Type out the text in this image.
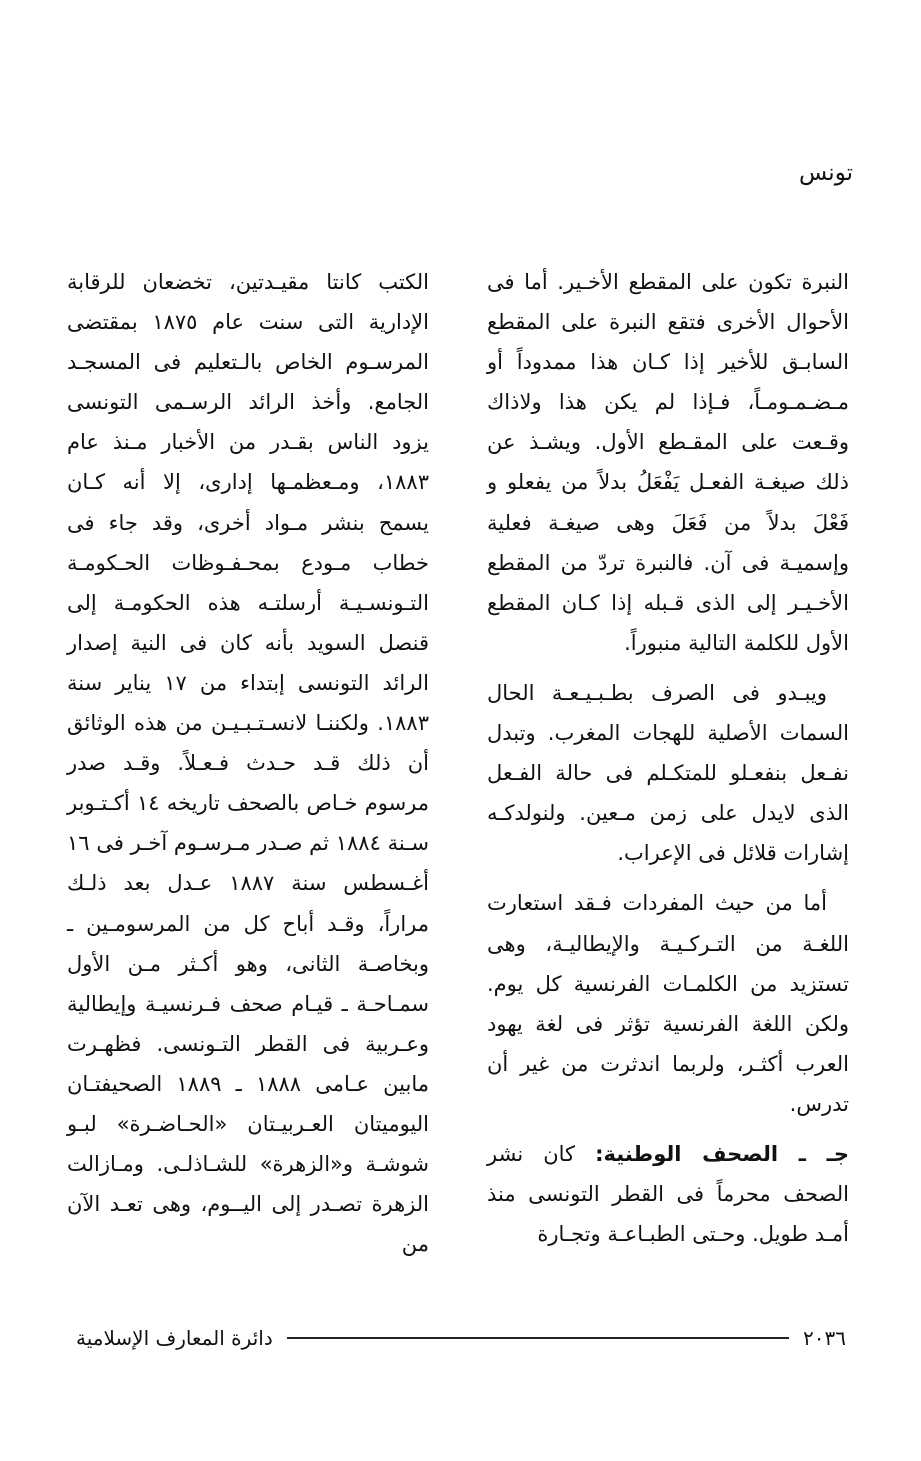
تونس

النبرة تكون على المقطع الأخـير. أما فى الأحوال الأخرى فتقع النبرة على المقطع السابـق للأخير إذا كـان هذا ممدوداً أو مـضـمـومـاً، فـإذا لم يكن هذا ولاذاك وقـعت على المقـطع الأول. ويشـذ عن ذلك صيغـة الفعـل يَفْعَلُ بدلاً من يفعلو و فَعْلَ بدلاً من فَعَلَ وهى صيغـة فعلية وإسميـة فى آن. فالنبرة تردّ من المقطع الأخـيـر إلى الذى قـبله إذا كـان المقطع الأول للكلمة التالية منبوراً.

ويبـدو فى الصرف بطـبـيـعـة الحال السمات الأصلية للهجات المغرب. وتبدل نفـعل بنفعـلو للمتكـلم فى حالة الفـعل الذى لايدل على زمن مـعين. ولنولدكـه إشارات قلائل فى الإعراب.

أما من حيث المفردات فـقد استعارت اللغـة من التـركـيـة والإيطاليـة، وهى تستزيد من الكلمـات الفرنسية كل يوم. ولكن اللغة الفرنسية تؤثر فى لغة يهود العرب أكثـر، ولربما اندثرت من غير أن تدرس.

جـ ـ الصحف الوطنية: كان نشر الصحف محرماً فى القطر التونسى منذ أمـد طويل. وحـتى الطبـاعـة وتجـارة

الكتب كانتا مقيـدتين، تخضعان للرقابة الإدارية التى سنت عام ١٨٧٥ بمقتضى المرسـوم الخاص بالـتعليم فى المسجـد الجامع. وأخذ الرائد الرسـمى التونسى يزود الناس بقـدر من الأخبار مـنذ عام ١٨٨٣، ومـعظمـها إدارى، إلا أنه كـان يسمح بنشر مـواد أخرى، وقد جاء فى خطاب مـودع بمحـفـوظات الحـكومـة التـونسـيـة أرسلتـه هذه الحكومـة إلى قنصل السويد بأنه كان فى النية إصدار الرائد التونسى إبتداء من ١٧ يناير سنة ١٨٨٣. ولكننـا لانسـتـبـيـن من هذه الوثائق أن ذلك قـد حـدث فـعـلاً. وقـد صدر مرسوم خـاص بالصحف تاريخه ١٤ أكـتـوبر سـنة ١٨٨٤ ثم صـدر مـرسـوم آخـر فى ١٦ أغـسطس سنة ١٨٨٧ عـدل بعد ذلـك مراراً، وقـد أباح كل من المرسومـين ـ وبخاصـة الثانى، وهو أكـثر مـن الأول سمـاحـة ـ قيـام صحف فـرنسيـة وإيطالية وعـربية فى القطر التـونسى. فظهـرت مابين عـامى ١٨٨٨ ـ ١٨٨٩ الصحيفتـان اليوميتان العـربيـتان «الحـاضـرة» لبـو شوشـة و«الزهرة» للشـاذلـى. ومـازالت الزهرة تصـدر إلى اليــوم، وهى تعـد الآن من

٢٠٣٦
دائرة المعارف الإسلامية
